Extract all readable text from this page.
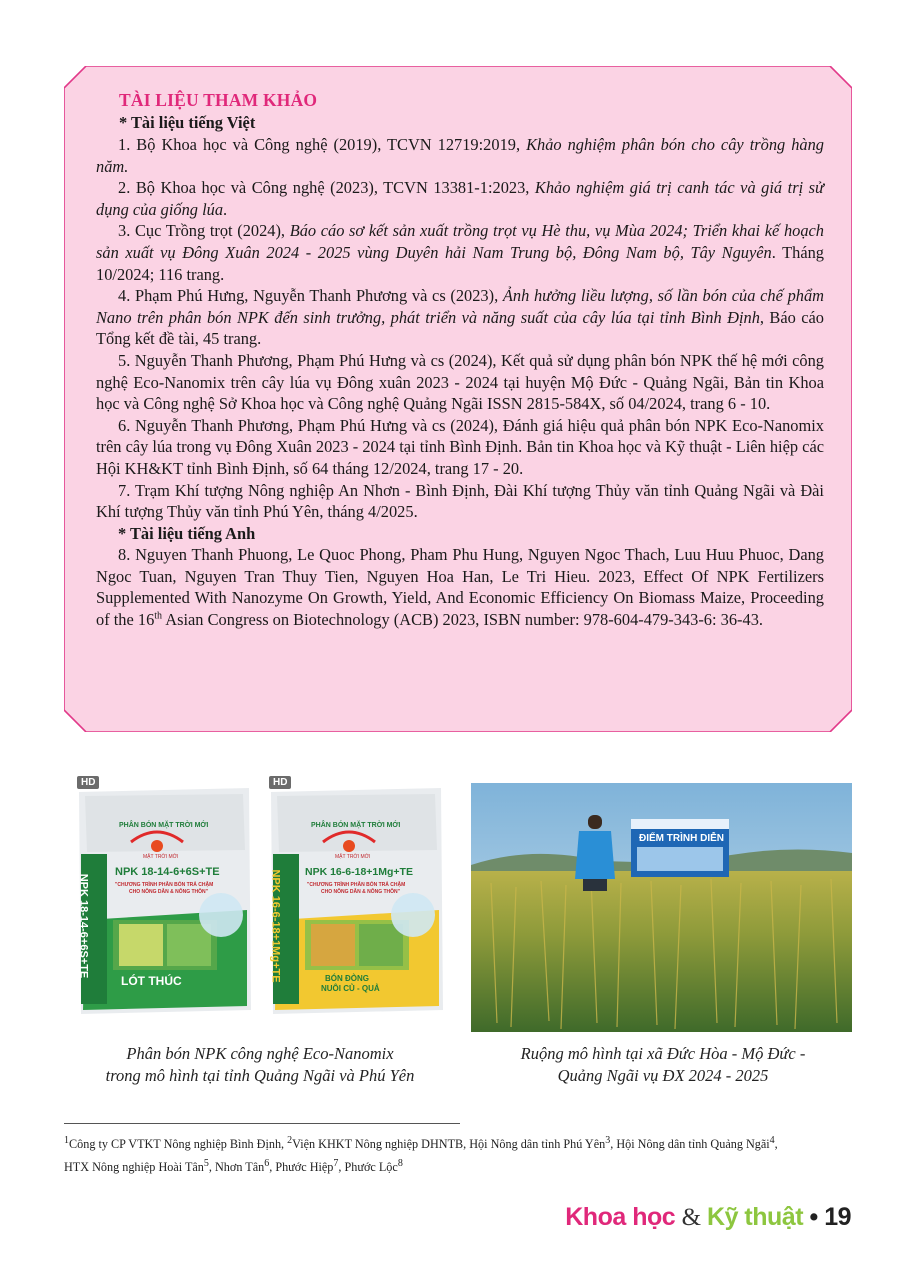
TÀI LIỆU THAM KHẢO
* Tài liệu tiếng Việt
1. Bộ Khoa học và Công nghệ (2019), TCVN 12719:2019, Khảo nghiệm phân bón cho cây trồng hàng năm.
2. Bộ Khoa học và Công nghệ (2023), TCVN 13381-1:2023, Khảo nghiệm giá trị canh tác và giá trị sử dụng của giống lúa.
3. Cục Trồng trọt (2024), Báo cáo sơ kết sản xuất trồng trọt vụ Hè thu, vụ Mùa 2024; Triển khai kế hoạch sản xuất vụ Đông Xuân 2024 - 2025 vùng Duyên hải Nam Trung bộ, Đông Nam bộ, Tây Nguyên. Tháng 10/2024; 116 trang.
4. Phạm Phú Hưng, Nguyễn Thanh Phương và cs (2023), Ảnh hưởng liều lượng, số lần bón của chế phẩm Nano trên phân bón NPK đến sinh trưởng, phát triển và năng suất của cây lúa tại tỉnh Bình Định, Báo cáo Tổng kết đề tài, 45 trang.
5. Nguyễn Thanh Phương, Phạm Phú Hưng và cs (2024), Kết quả sử dụng phân bón NPK thế hệ mới công nghệ Eco-Nanomix trên cây lúa vụ Đông xuân 2023 - 2024 tại huyện Mộ Đức - Quảng Ngãi, Bản tin Khoa học và Công nghệ Sở Khoa học và Công nghệ Quảng Ngãi ISSN 2815-584X, số 04/2024, trang 6 - 10.
6. Nguyễn Thanh Phương, Phạm Phú Hưng và cs (2024), Đánh giá hiệu quả phân bón NPK Eco-Nanomix trên cây lúa trong vụ Đông Xuân 2023 - 2024 tại tỉnh Bình Định. Bản tin Khoa học và Kỹ thuật - Liên hiệp các Hội KH&KT tỉnh Bình Định, số 64 tháng 12/2024, trang 17 - 20.
7. Trạm Khí tượng Nông nghiệp An Nhơn - Bình Định, Đài Khí tượng Thủy văn tỉnh Quảng Ngãi và Đài Khí tượng Thủy văn tỉnh Phú Yên, tháng 4/2025.
* Tài liệu tiếng Anh
8. Nguyen Thanh Phuong, Le Quoc Phong, Pham Phu Hung, Nguyen Ngoc Thach, Luu Huu Phuoc, Dang Ngoc Tuan, Nguyen Tran Thuy Tien, Nguyen Hoa Han, Le Tri Hieu. 2023, Effect Of NPK Fertilizers Supplemented With Nanozyme On Growth, Yield, And Economic Efficiency On Biomass Maize, Proceeding of the 16th Asian Congress on Biotechnology (ACB) 2023, ISBN number: 978-604-479-343-6: 36-43.
HD
PHÂN BÓN MẶT TRỜI MỚI
MẶT TRỜI MỚI
NPK 18-14-6+6S+TE
"CHƯƠNG TRÌNH PHÂN BÓN TRẢ CHẬM
CHO NÔNG DÂN & NÔNG THÔN"
NPK 18-14-6+6S+TE
LÓT THÚC
HD
PHÂN BÓN MẶT TRỜI MỚI
MẶT TRỜI MỚI
NPK 16-6-18+1Mg+TE
"CHƯƠNG TRÌNH PHÂN BÓN TRẢ CHẬM
CHO NÔNG DÂN & NÔNG THÔN"
NPK 16-6-18+1Mg+TE	BÓN ĐÒNG
NUÔI CỦ - QUẢ
ĐIỂM TRÌNH DIỄN
Phân bón NPK công nghệ Eco-Nanomix
trong mô hình tại tỉnh Quảng Ngãi và Phú Yên
Ruộng mô hình tại xã Đức Hòa - Mộ Đức -
Quảng Ngãi vụ ĐX 2024 - 2025
$^1$Công ty CP VTKT Nông nghiệp Bình Định, $^2$Viện KHKT Nông nghiệp DHNTB, Hội Nông dân tỉnh Phú Yên$^3$, Hội Nông dân tỉnh Quảng Ngãi$^4$,
HTX Nông nghiệp Hoài Tân$^5$, Nhơn Tân$^6$, Phước Hiệp$^7$, Phước Lộc$^8$
Khoa học & Kỹ thuật • 19
